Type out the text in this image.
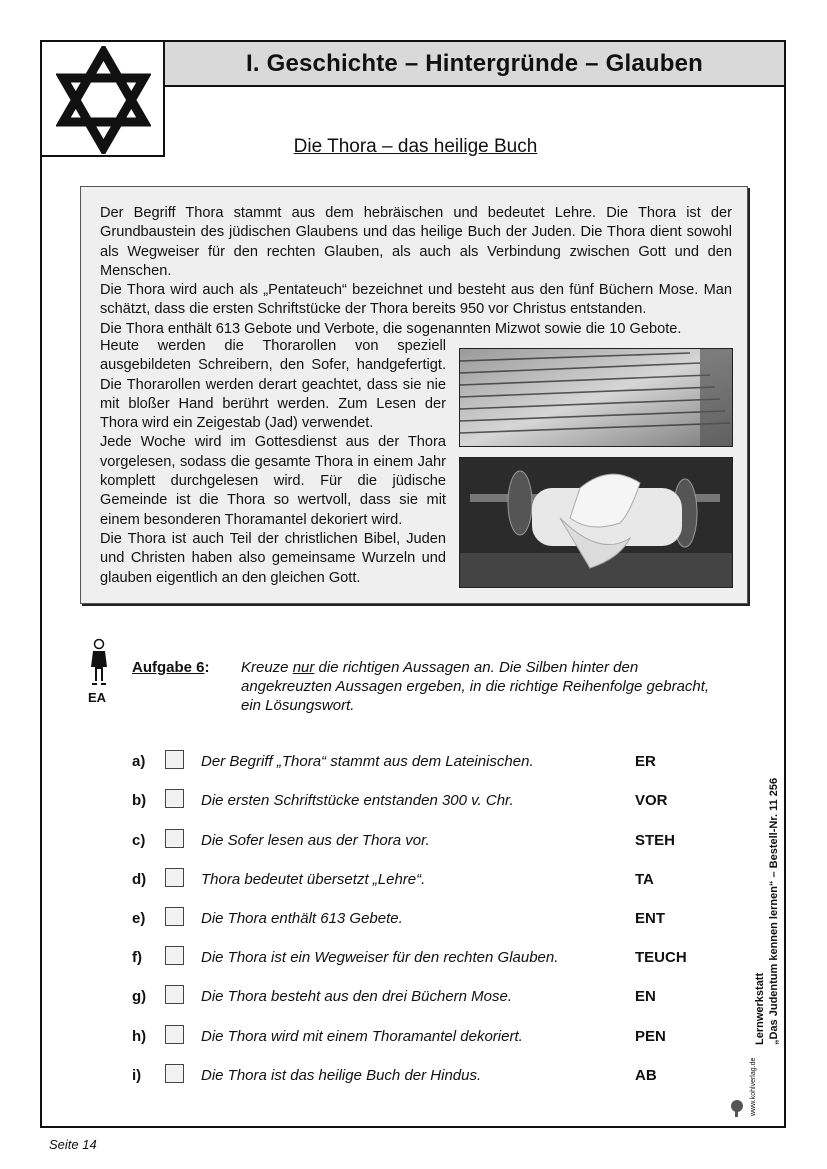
I. Geschichte – Hintergründe – Glauben
Die Thora – das heilige Buch

Der Begriff Thora stammt aus dem hebräischen und bedeutet Lehre. Die Thora ist der Grundbaustein des jüdischen Glaubens und das heilige Buch der Juden. Die Thora dient sowohl als Wegweiser für den rechten Glauben, als auch als Verbindung zwischen Gott und den Menschen.

Die Thora wird auch als „Pentateuch“ bezeichnet und besteht aus den fünf Büchern Mose. Man schätzt, dass die ersten Schriftstücke der Thora bereits 950 vor Christus entstanden.

Die Thora enthält 613 Gebote und Verbote, die sogenannten Mizwot sowie die 10 Gebote.

Heute werden die Thorarollen von speziell ausgebildeten Schreibern, den Sofer, handgefertigt. Die Thorarollen werden derart geachtet, dass sie nie mit bloßer Hand berührt werden. Zum Lesen der Thora wird ein Zeigestab (Jad) verwendet.

Jede Woche wird im Gottesdienst aus der Thora vorgelesen, sodass die gesamte Thora in einem Jahr komplett durchgelesen wird. Für die jüdische Gemeinde ist die Thora so wertvoll, dass sie mit einem besonderen Thoramantel dekoriert wird.

Die Thora ist auch Teil der christlichen Bibel, Juden und Christen haben also gemeinsame Wurzeln und glauben eigentlich an den gleichen Gott.

EA
Aufgabe 6: Kreuze nur die richtigen Aussagen an. Die Silben hinter den angekreuzten Aussagen ergeben, in die richtige Reihenfolge gebracht, ein Lösungswort.
a)	Der Begriff „Thora“ stammt aus dem Lateinischen.	ER
b)	Die ersten Schriftstücke entstanden 300 v. Chr.	VOR
c)	Die Sofer lesen aus der Thora vor.	STEH
d)	Thora bedeutet übersetzt „Lehre“.	TA
e)	Die Thora enthält 613 Gebete.	ENT
f)	Die Thora ist ein Wegweiser für den rechten Glauben.	TEUCH
g)	Die Thora besteht aus den drei Büchern Mose.	EN
h)	Die Thora wird mit einem Thoramantel dekoriert.	PEN
i)	Die Thora ist das heilige Buch der Hindus.	AB
Lernwerkstatt „Das Judentum kennen lernen“ – Bestell-Nr. 11 256
www.kohlverlag.de
Seite 14
